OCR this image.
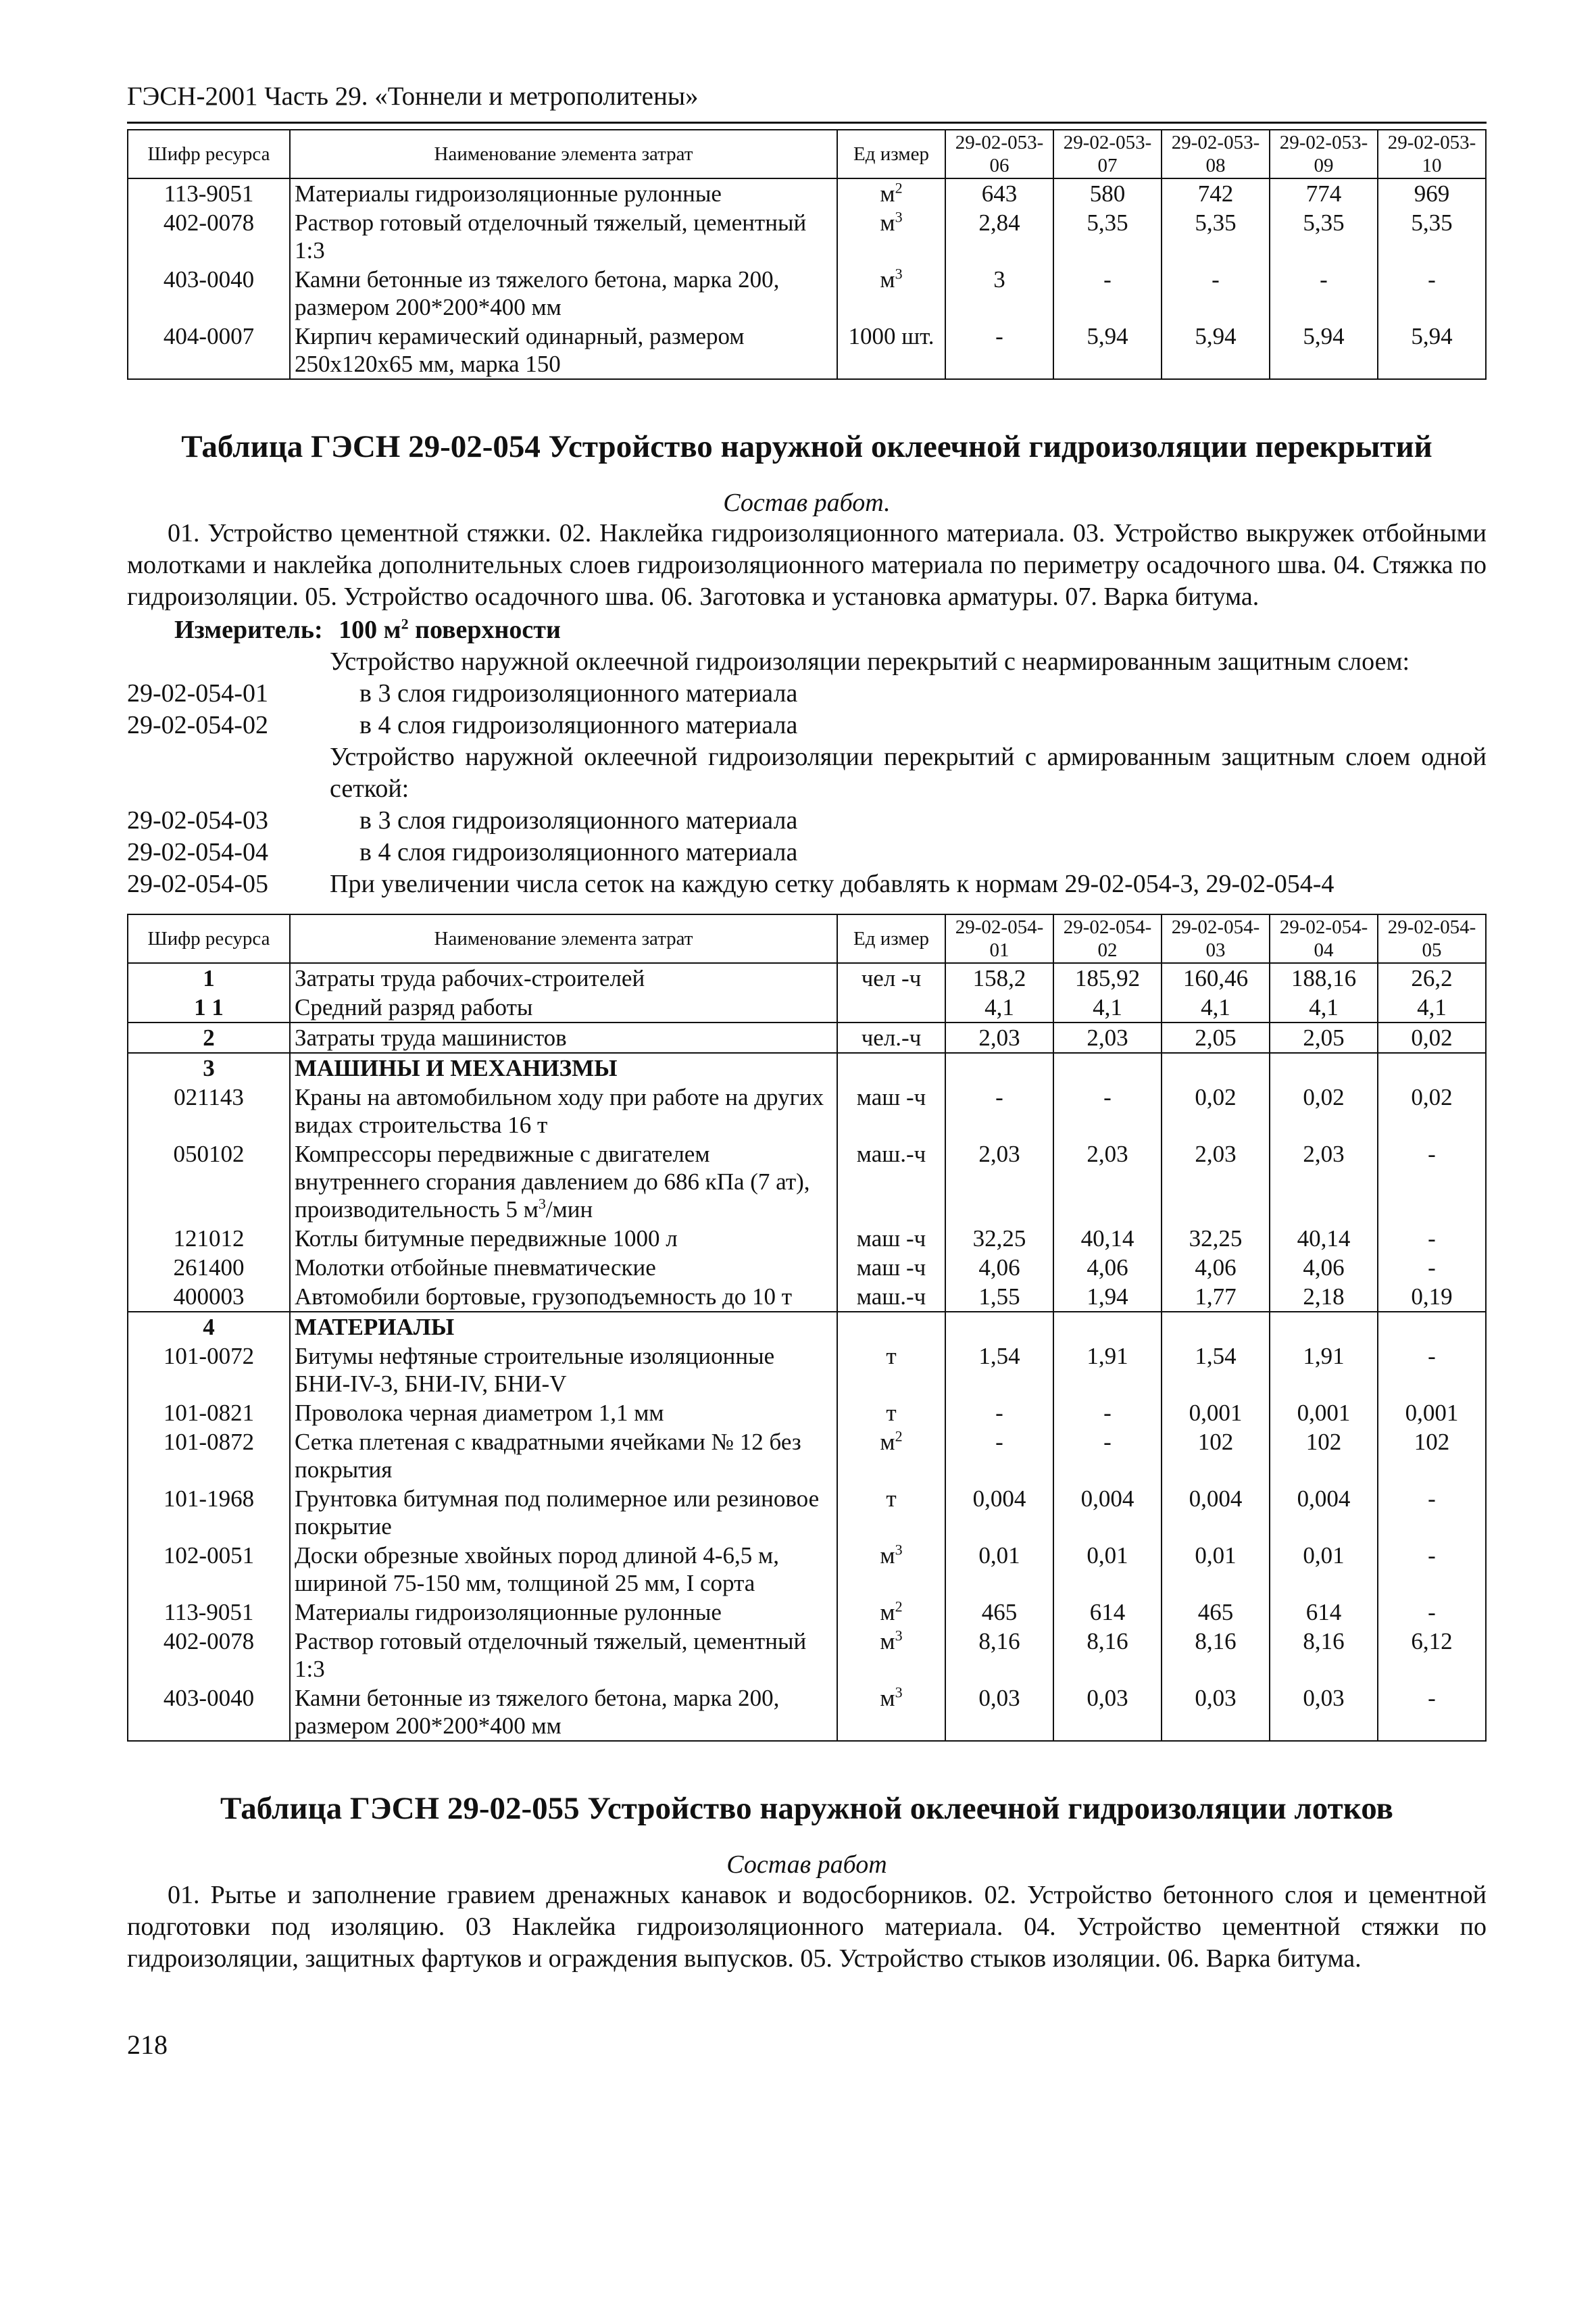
ГЭСН-2001 Часть 29. «Тоннели и метрополитены»
Шифр ресурса	Наименование элемента затрат	Ед измер	29-02-053-06	29-02-053-07	29-02-053-08	29-02-053-09	29-02-053-10
113-9051	Материалы гидроизоляционные рулонные	$м^2$	643	580	742	774	969
402-0078	Раствор готовый отделочный тяжелый, цементный 1:3	$м^3$	2,84	5,35	5,35	5,35	5,35
403-0040	Камни бетонные из тяжелого бетона, марка 200, размером 200*200*400 мм	$м^3$	3	-	-	-	-
404-0007	Кирпич керамический одинарный, размером 250x120x65 мм, марка 150	1000 шт.	-	5,94	5,94	5,94	5,94
Таблица ГЭСН 29-02-054 Устройство наружной оклеечной гидроизоляции перекрытий
Состав работ.
01. Устройство цементной стяжки. 02. Наклейка гидроизоляционного материала. 03. Устройство выкружек отбойными молотками и наклейка дополнительных слоев гидроизоляционного материала по периметру осадочного шва. 04. Стяжка по гидроизоляции. 05. Устройство осадочного шва. 06. Заготовка и установка арматуры. 07. Варка битума.
Измеритель: 100 $м^2$ поверхности
Устройство наружной оклеечной гидроизоляции перекрытий с неармированным защитным слоем:
29-02-054-01	в 3 слоя гидроизоляционного материала
29-02-054-02	в 4 слоя гидроизоляционного материала
Устройство наружной оклеечной гидроизоляции перекрытий с армированным защитным слоем одной сеткой:
29-02-054-03	в 3 слоя гидроизоляционного материала
29-02-054-04	в 4 слоя гидроизоляционного материала
29-02-054-05	При увеличении числа сеток на каждую сетку добавлять к нормам 29-02-054-3, 29-02-054-4
Шифр ресурса	Наименование элемента затрат	Ед измер	29-02-054-01	29-02-054-02	29-02-054-03	29-02-054-04	29-02-054-05
1	Затраты труда рабочих-строителей	чел -ч	158,2	185,92	160,46	188,16	26,2
1 1	Средний разряд работы		4,1	4,1	4,1	4,1	4,1
2	Затраты труда машинистов	чел.-ч	2,03	2,03	2,05	2,05	0,02
3	МАШИНЫ И МЕХАНИЗМЫ						
021143	Краны на автомобильном ходу при работе на других видах строительства 16 т	маш -ч	-	-	0,02	0,02	0,02
050102	Компрессоры передвижные с двигателем внутреннего сгорания давлением до 686 кПа (7 ат), производительность 5 $м^3$/мин	маш.-ч	2,03	2,03	2,03	2,03	-
121012	Котлы битумные передвижные 1000 л	маш -ч	32,25	40,14	32,25	40,14	-
261400	Молотки отбойные пневматические	маш -ч	4,06	4,06	4,06	4,06	-
400003	Автомобили бортовые, грузоподъемность до 10 т	маш.-ч	1,55	1,94	1,77	2,18	0,19
4	МАТЕРИАЛЫ						
101-0072	Битумы нефтяные строительные изоляционные БНИ-IV-3, БНИ-IV, БНИ-V	т	1,54	1,91	1,54	1,91	-
101-0821	Проволока черная диаметром 1,1 мм	т	-	-	0,001	0,001	0,001
101-0872	Сетка плетеная с квадратными ячейками № 12 без покрытия	$м^2$	-	-	102	102	102
101-1968	Грунтовка битумная под полимерное или резиновое покрытие	т	0,004	0,004	0,004	0,004	-
102-0051	Доски обрезные хвойных пород длиной 4-6,5 м, шириной 75-150 мм, толщиной 25 мм, I сорта	$м^3$	0,01	0,01	0,01	0,01	-
113-9051	Материалы гидроизоляционные рулонные	$м^2$	465	614	465	614	-
402-0078	Раствор готовый отделочный тяжелый, цементный 1:3	$м^3$	8,16	8,16	8,16	8,16	6,12
403-0040	Камни бетонные из тяжелого бетона, марка 200, размером 200*200*400 мм	$м^3$	0,03	0,03	0,03	0,03	-
Таблица ГЭСН 29-02-055 Устройство наружной оклеечной гидроизоляции лотков
Состав работ
01. Рытье и заполнение гравием дренажных канавок и водосборников. 02. Устройство бетонного слоя и цементной подготовки под изоляцию. 03 Наклейка гидроизоляционного материала. 04. Устройство цементной стяжки по гидроизоляции, защитных фартуков и ограждения выпусков. 05. Устройство стыков изоляции. 06. Варка битума.
218
